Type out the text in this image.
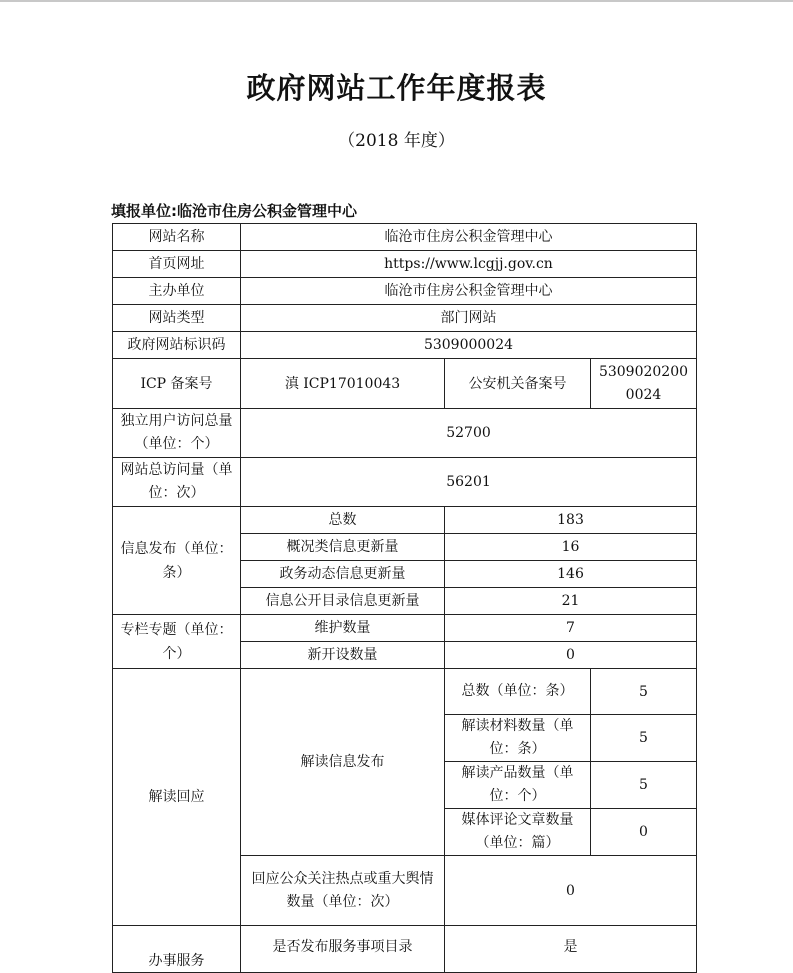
政府网站工作年度报表
（2018 年度）
填报单位:临沧市住房公积金管理中心
网站名称	临沧市住房公积金管理中心		
首页网址	https://www.lcgjj.gov.cn		
主办单位	临沧市住房公积金管理中心		
网站类型	部门网站		
政府网站标识码	5309000024		
ICP 备案号	滇 ICP17010043	公安机关备案号	53090202000024
独立用户访问总量（单位：个）	52700		
网站总访问量（单位：次）	56201		
信息发布（单位：条）	总数	183	
	概况类信息更新量	16	
	政务动态信息更新量	146	
	信息公开目录信息更新量	21	
专栏专题（单位：个）	维护数量	7	
	新开设数量	0	
解读回应	解读信息发布	总数（单位：条）	5
		解读材料数量（单位：条）	5
		解读产品数量（单位：个）	5
		媒体评论文章数量（单位：篇）	0
	回应公众关注热点或重大舆情数量（单位：次）	0	
办事服务	是否发布服务事项目录	是	
